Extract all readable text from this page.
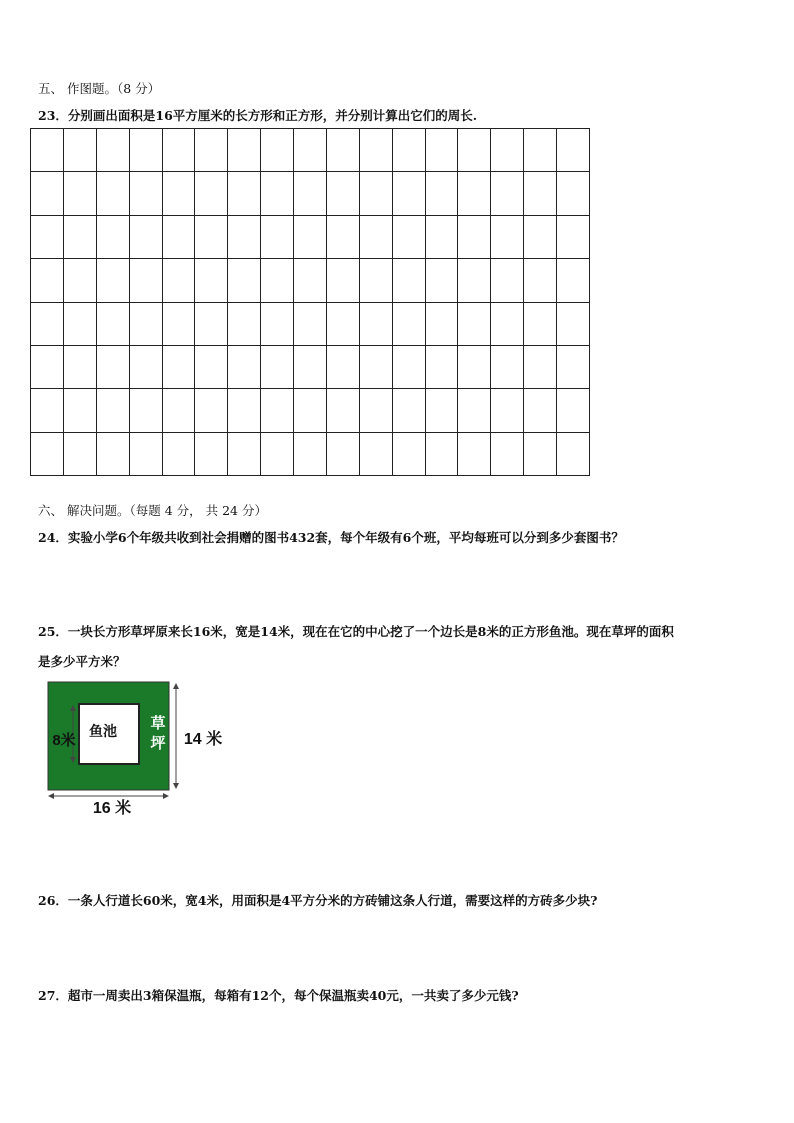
五、 作图题。（8 分）
23．分别画出面积是16平方厘米的长方形和正方形，并分别计算出它们的周长.

六、 解决问题。（每题 4 分， 共 24 分）
24．实验小学6个年级共收到社会捐赠的图书432套，每个年级有6个班，平均每班可以分到多少套图书？
25．一块长方形草坪原来长16米，宽是14米，现在在它的中心挖了一个边长是8米的正方形鱼池。现在草坪的面积
是多少平方米？
鱼池 草
坪
8米	14 米
16 米
26．一条人行道长60米，宽4米，用面积是4平方分米的方砖铺这条人行道，需要这样的方砖多少块?
27．超市一周卖出3箱保温瓶，每箱有12个，每个保温瓶卖40元，一共卖了多少元钱?
